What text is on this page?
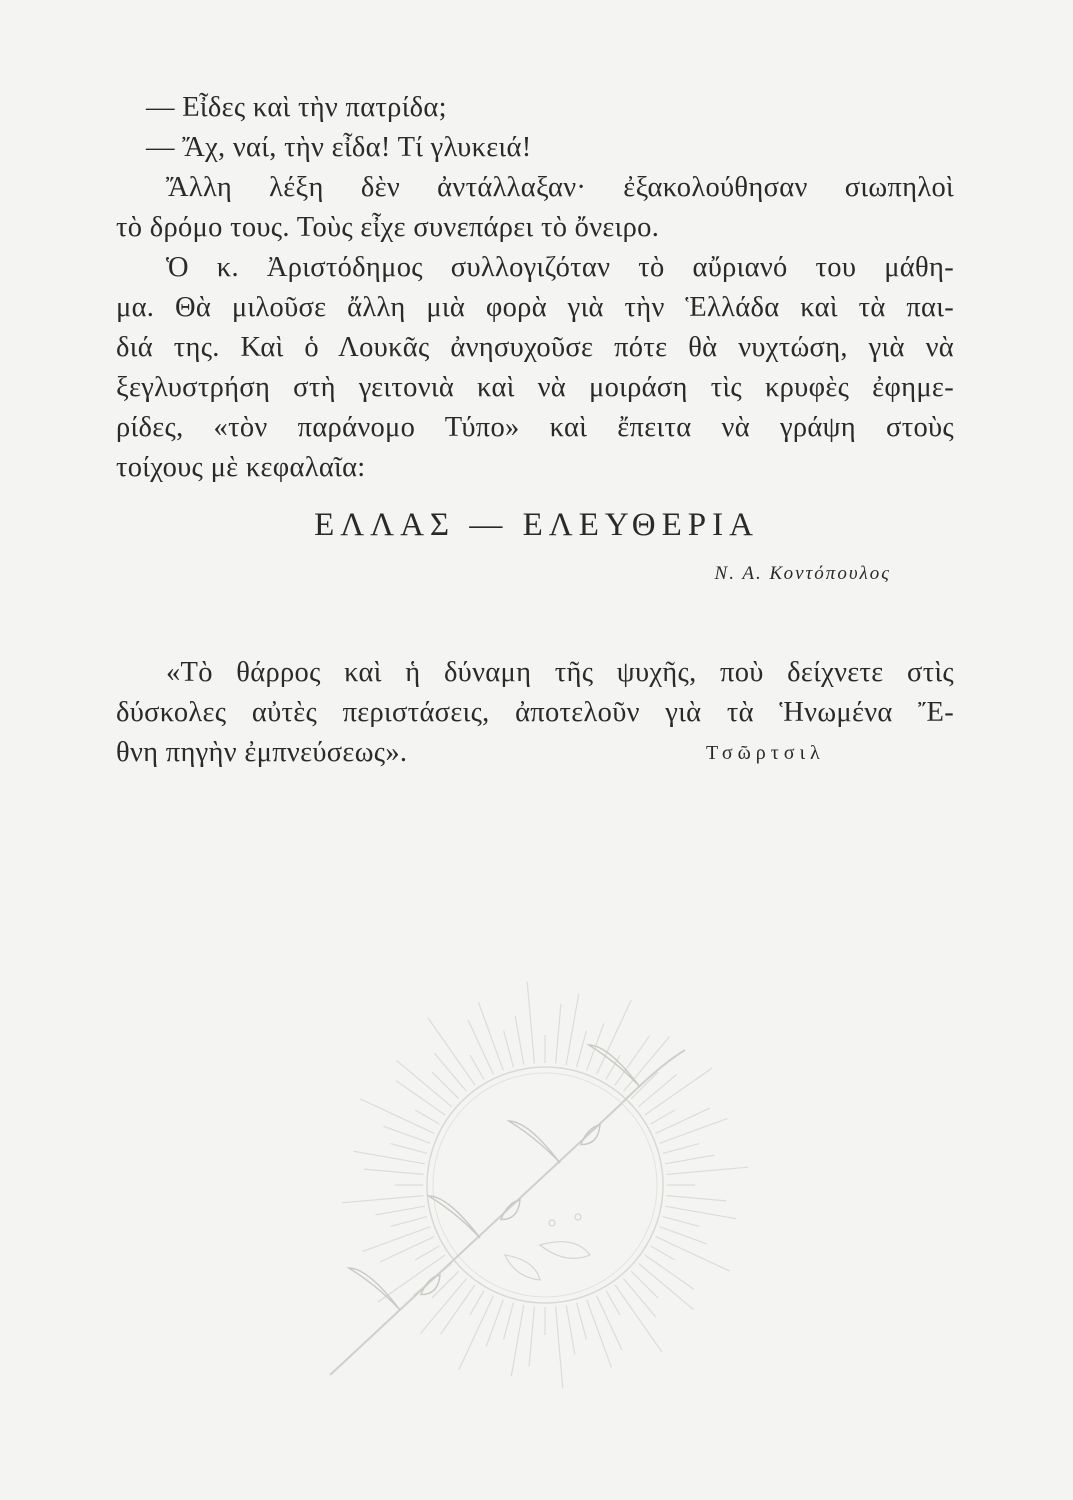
— Εἶδες καὶ τὴν πατρίδα;
— Ἄχ, ναί, τὴν εἶδα! Τί γλυκειά!
Ἄλλη λέξη δὲν ἀντάλλαξαν· ἐξακολούθησαν σιωπηλοὶ
τὸ δρόμο τους. Τοὺς εἶχε συνεπάρει τὸ ὄνειρο.
Ὁ κ. Ἀριστόδημος συλλογιζόταν τὸ αὔριανό του μάθη-
μα. Θὰ μιλοῦσε ἄλλη μιὰ φορὰ γιὰ τὴν Ἑλλάδα καὶ τὰ παι-
διά της. Καὶ ὁ Λουκᾶς ἀνησυχοῦσε πότε θὰ νυχτώση, γιὰ νὰ
ξεγλυστρήση στὴ γειτονιὰ καὶ νὰ μοιράση τὶς κρυφὲς ἐφημε-
ρίδες, «τὸν παράνομο Τύπο» καὶ ἔπειτα νὰ γράψη στοὺς
τοίχους μὲ κεφαλαῖα:
ΕΛΛΑΣ — ΕΛΕΥΘΕΡΙΑ
Ν. Α. Κοντόπουλος
«Τὸ θάρρος καὶ ἡ δύναμη τῆς ψυχῆς, ποὺ δείχνετε στὶς
δύσκολες αὐτὲς περιστάσεις, ἀποτελοῦν γιὰ τὰ Ἡνωμένα Ἔ-
θνη πηγὴν ἐμπνεύσεως».	Τσῶρτσιλ
